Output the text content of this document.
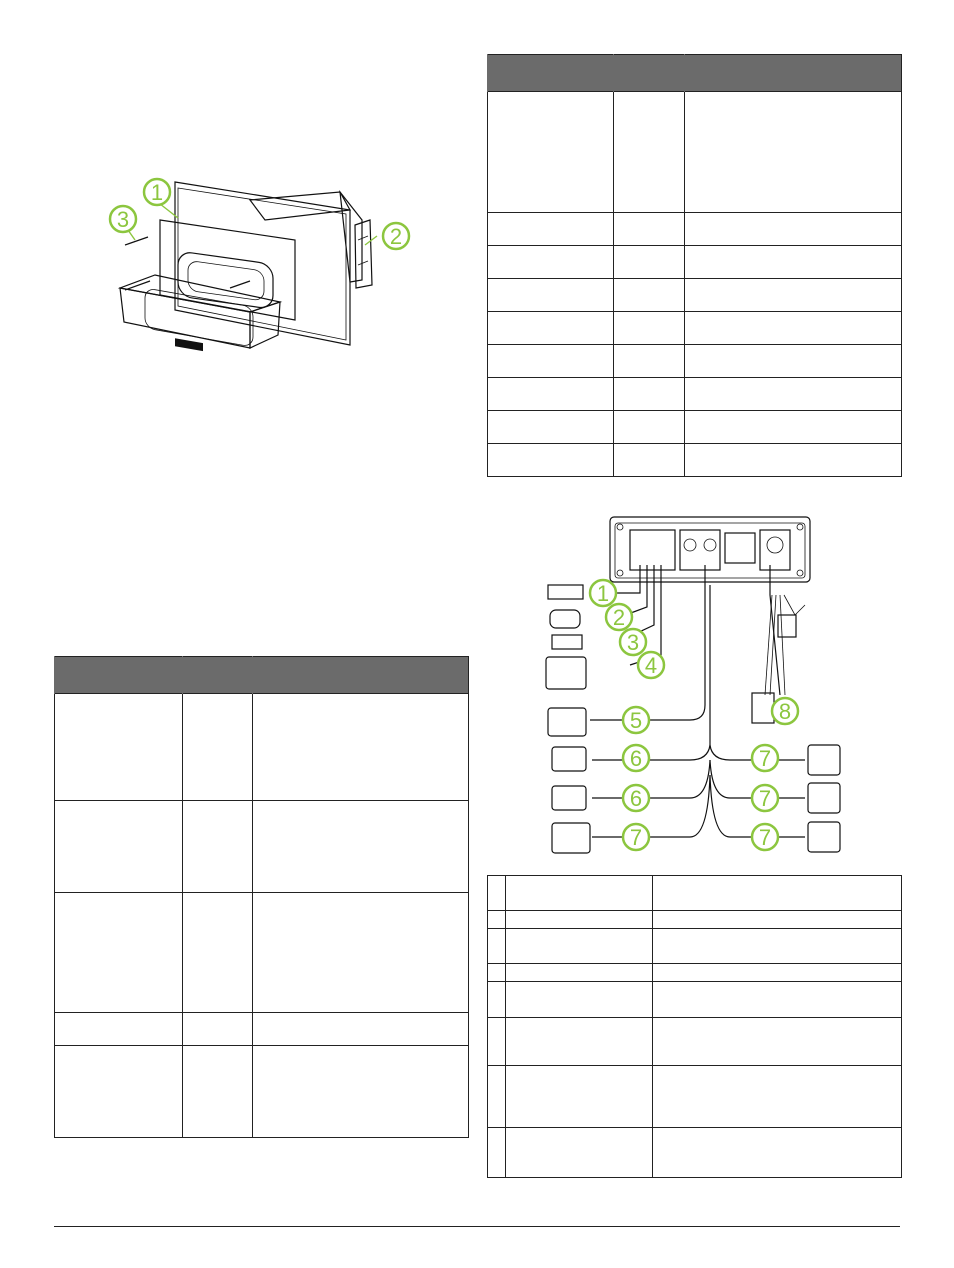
1
2
3

1
2
3
4
5
6	7
6	7
7	7
8
